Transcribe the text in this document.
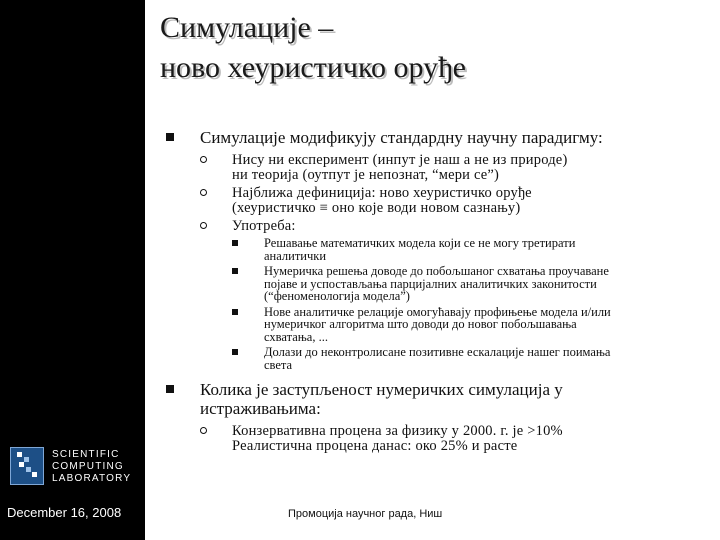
Симулације –
ново хеуристичко оруђе
Симулације модификују стандардну научну парадигму:
Нису ни експеримент (инпут је наш а не из природе)
ни теорија (оутпут је непознат, “мери се”)
Најближа дефиниција: ново хеуристичко оруђе
(хеуристичко ≡ оно које води новом сазнању)
Употреба:
Решавање математичких модела који се не могу третирати
аналитички
Нумеричка решења доводе до побољшаног схватања проучаване
појаве и успостављања парцијалних аналитичких законитости
(“феноменологија модела”)
Нове аналитичке релације омогућавају профињење модела и/или
нумеричког алгоритма што доводи до новог побољшавања
схватања, ...
Долази до неконтролисане позитивне ескалације нашег поимања
света
Колика је заступљеност нумеричких симулација у
истраживањима:
Конзервативна процена за физику у 2000. г. је >10%
Реалистична процена данас: око 25% и расте
SCIENTIFIC
COMPUTING
LABORATORY
December 16, 2008	Промоција научног рада, Ниш
